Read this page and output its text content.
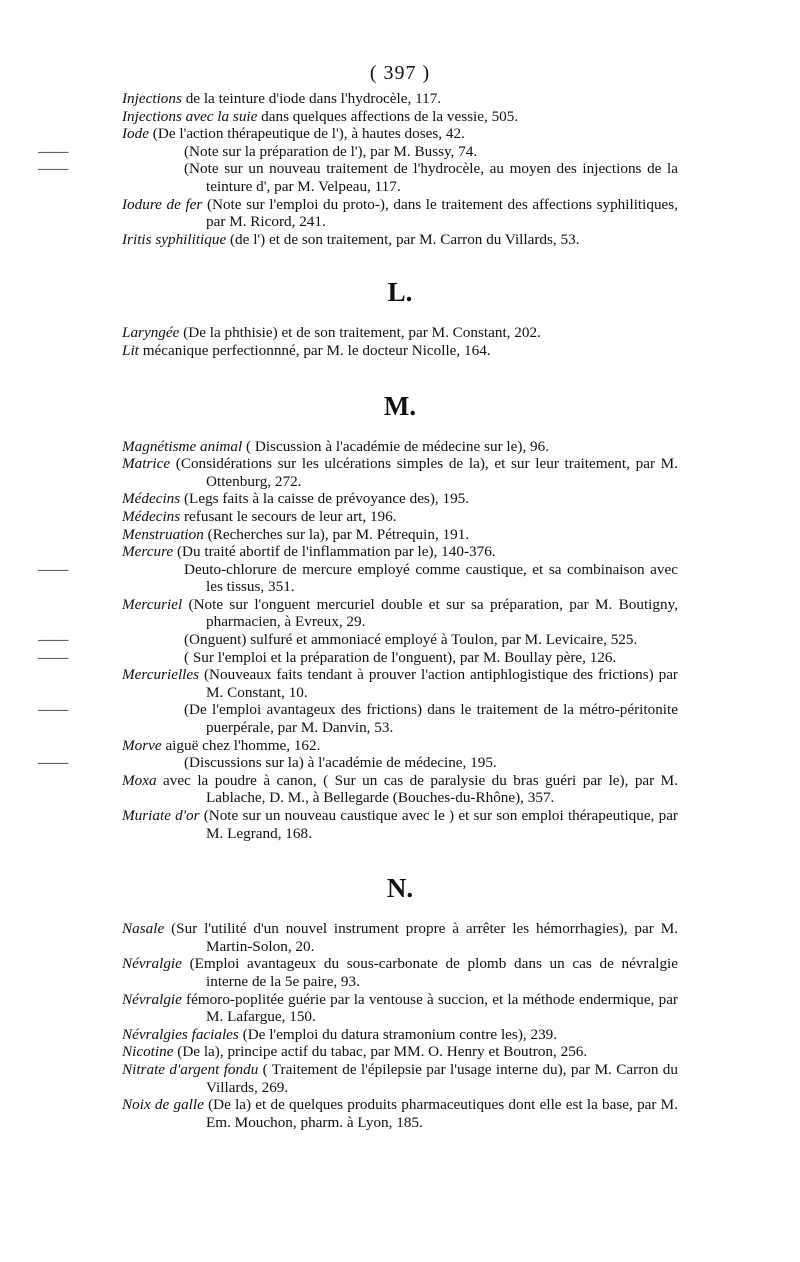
( 397 )
Injections de la teinture d'iode dans l'hydrocèle, 117.
Injections avec la suie dans quelques affections de la vessie, 505.
Iode (De l'action thérapeutique de l'), à hautes doses, 42.
——	(Note sur la préparation de l'), par M. Bussy, 74.
——	(Note sur un nouveau traitement de l'hydrocèle, au moyen des injections de la teinture d', par M. Velpeau, 117.
Iodure de fer (Note sur l'emploi du proto-), dans le traitement des affections syphilitiques, par M. Ricord, 241.
Iritis syphilitique (de l') et de son traitement, par M. Carron du Villards, 53.
L.
Laryngée (De la phthisie) et de son traitement, par M. Constant, 202.
Lit mécanique perfectionnné, par M. le docteur Nicolle, 164.
M.
Magnétisme animal ( Discussion à l'académie de médecine sur le), 96.
Matrice (Considérations sur les ulcérations simples de la), et sur leur traitement, par M. Ottenburg, 272.
Médecins (Legs faits à la caisse de prévoyance des), 195.
Médecins refusant le secours de leur art, 196.
Menstruation (Recherches sur la), par M. Pétrequin, 191.
Mercure (Du traité abortif de l'inflammation par le), 140-376.
——	Deuto-chlorure de mercure employé comme caustique, et sa combinaison avec les tissus, 351.
Mercuriel (Note sur l'onguent mercuriel double et sur sa préparation, par M. Boutigny, pharmacien, à Evreux, 29.
——	(Onguent) sulfuré et ammoniacé employé à Toulon, par M. Levicaire, 525.
——	( Sur l'emploi et la préparation de l'onguent), par M. Boullay père, 126.
Mercurielles (Nouveaux faits tendant à prouver l'action antiphlogistique des frictions) par M. Constant, 10.
——	(De l'emploi avantageux des frictions) dans le traitement de la métro-péritonite puerpérale, par M. Danvin, 53.
Morve aiguë chez l'homme, 162.
——	(Discussions sur la) à l'académie de médecine, 195.
Moxa avec la poudre à canon, ( Sur un cas de paralysie du bras guéri par le), par M. Lablache, D. M., à Bellegarde (Bouches-du-Rhône), 357.
Muriate d'or (Note sur un nouveau caustique avec le ) et sur son emploi thérapeutique, par M. Legrand, 168.
N.
Nasale (Sur l'utilité d'un nouvel instrument propre à arrêter les hémorrhagies), par M. Martin-Solon, 20.
Névralgie (Emploi avantageux du sous-carbonate de plomb dans un cas de névralgie interne de la 5e paire, 93.
Névralgie fémoro-poplitée guérie par la ventouse à succion, et la méthode endermique, par M. Lafargue, 150.
Névralgies faciales (De l'emploi du datura stramonium contre les), 239.
Nicotine (De la), principe actif du tabac, par MM. O. Henry et Boutron, 256.
Nitrate d'argent fondu ( Traitement de l'épilepsie par l'usage interne du), par M. Carron du Villards, 269.
Noix de galle (De la) et de quelques produits pharmaceutiques dont elle est la base, par M. Em. Mouchon, pharm. à Lyon, 185.
